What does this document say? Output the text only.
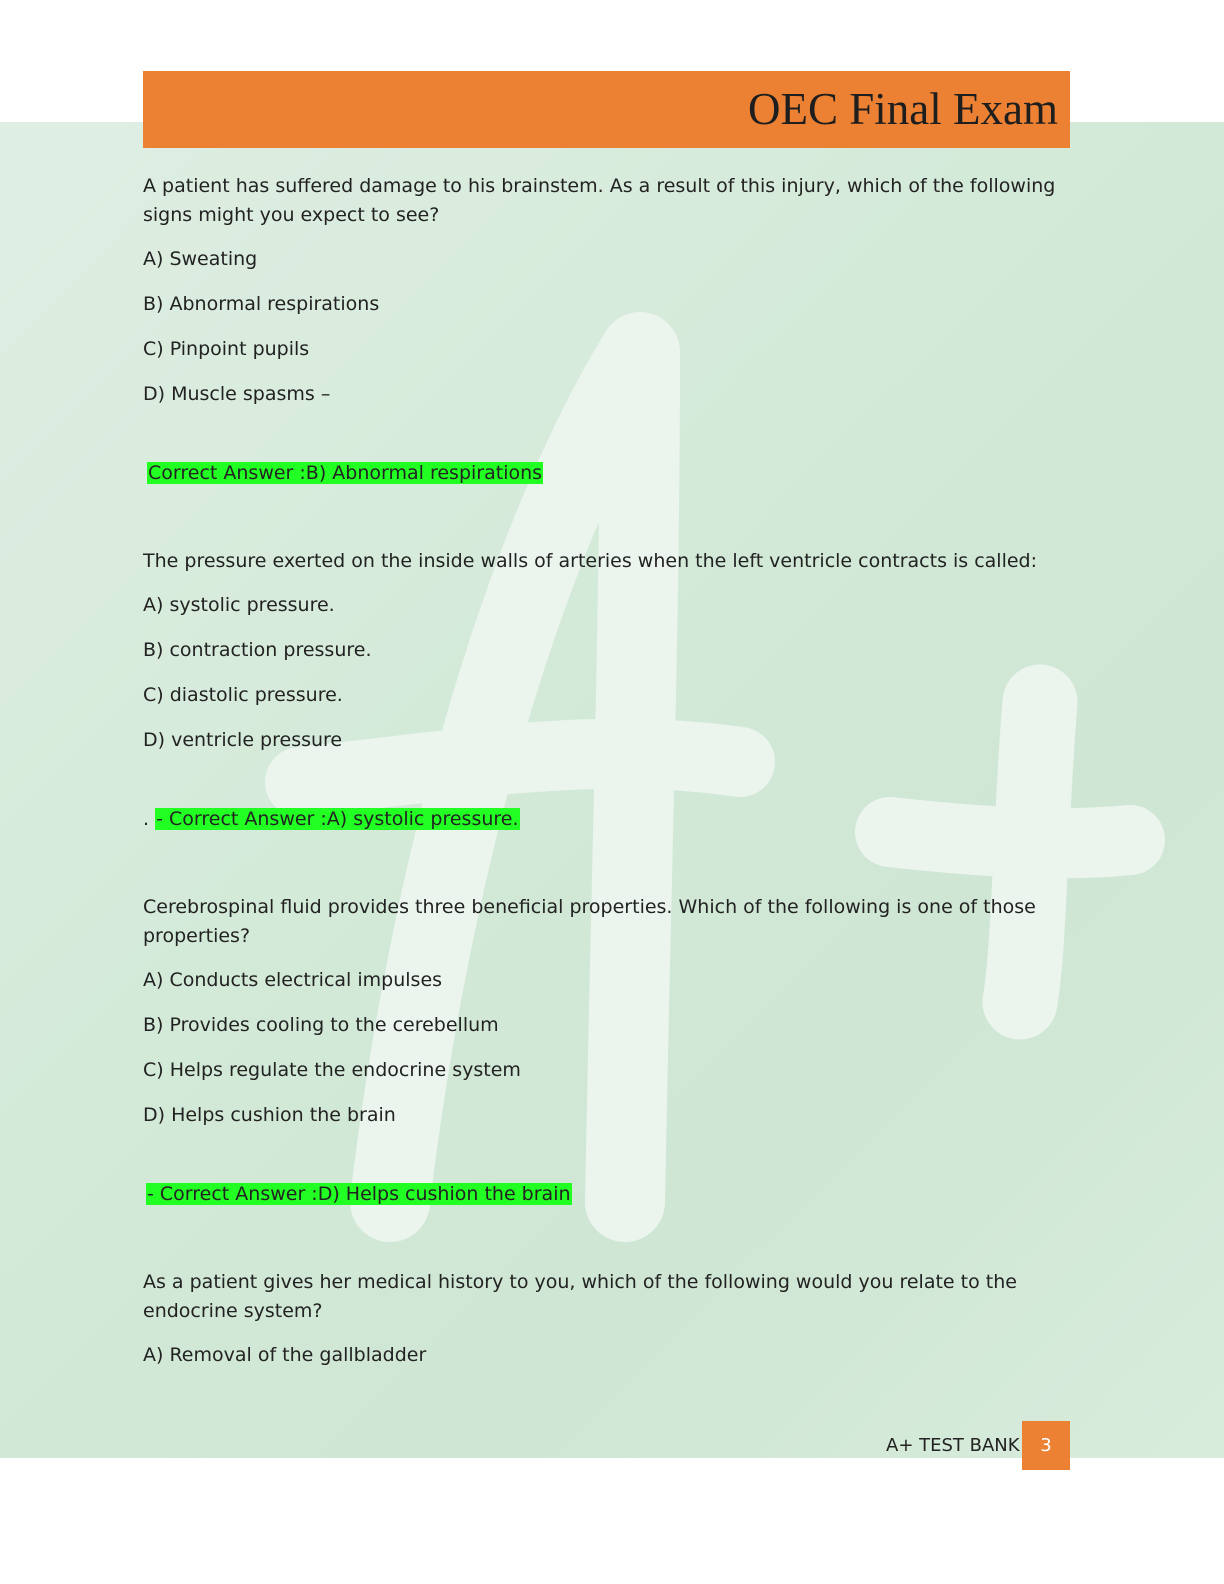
OEC Final Exam

A patient has suffered damage to his brainstem. As a result of this injury, which of the following signs might you expect to see?

A) Sweating

B) Abnormal respirations

C) Pinpoint pupils

D) Muscle spasms –

Correct Answer :B) Abnormal respirations

The pressure exerted on the inside walls of arteries when the left ventricle contracts is called:

A) systolic pressure.

B) contraction pressure.

C) diastolic pressure.

D) ventricle pressure

. - Correct Answer :A) systolic pressure.

Cerebrospinal fluid provides three beneficial properties. Which of the following is one of those properties?

A) Conducts electrical impulses

B) Provides cooling to the cerebellum

C) Helps regulate the endocrine system

D) Helps cushion the brain

- Correct Answer :D) Helps cushion the brain

As a patient gives her medical history to you, which of the following would you relate to the endocrine system?

A) Removal of the gallbladder

A+ TEST BANK	3
